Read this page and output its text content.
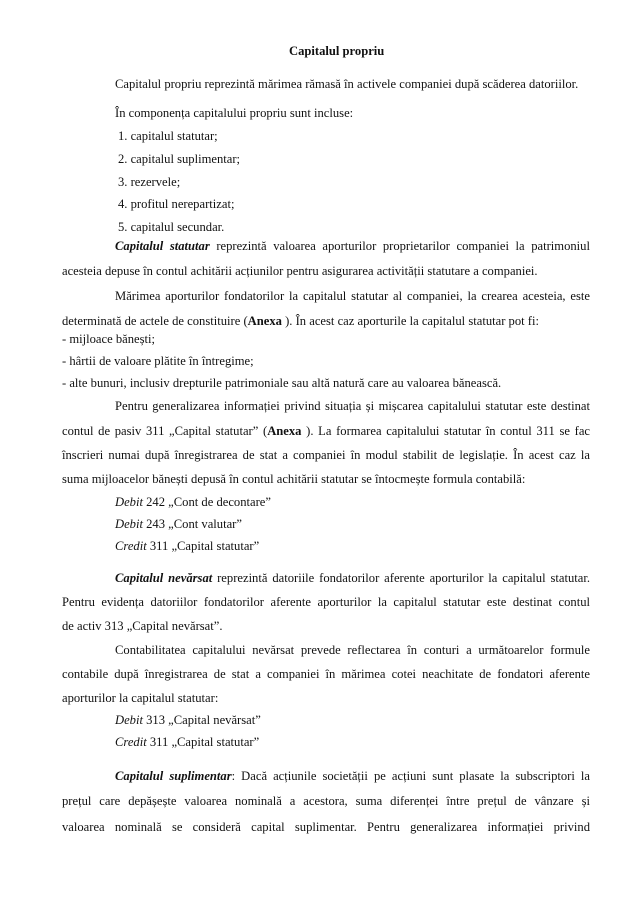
Capitalul propriu
Capitalul propriu reprezintă mărimea rămasă în activele companiei după scăderea datoriilor.
În componența capitalului propriu sunt incluse:
1. capitalul statutar;
2. capitalul suplimentar;
3. rezervele;
4. profitul nerepartizat;
5. capitalul secundar.
Capitalul statutar reprezintă valoarea aporturilor proprietarilor companiei la patrimoniul
acesteia depuse în contul achitării acțiunilor pentru asigurarea activității statutare a companiei.
Mărimea aporturilor fondatorilor la capitalul statutar al companiei, la crearea acesteia, este
determinată de actele de constituire (Anexa ). În acest caz aporturile la capitalul statutar pot fi:
- mijloace bănești;
- hârtii de valoare plătite în întregime;
- alte bunuri, inclusiv drepturile patrimoniale sau altă natură care au valoarea bănească.
Pentru generalizarea informației privind situația și mișcarea capitalului statutar este destinat
contul de pasiv 311 „Capital statutar” (Anexa ). La formarea capitalului statutar în contul 311 se fac
înscrieri numai după înregistrarea de stat a companiei în modul stabilit de legislație. În acest caz la
suma mijloacelor bănești depusă în contul achitării statutar se întocmește formula contabilă:
Debit 242 „Cont de decontare”
Debit 243 „Cont valutar”
Credit 311 „Capital statutar”
Capitalul nevărsat reprezintă datoriile fondatorilor aferente aporturilor la capitalul statutar.
Pentru evidența datoriilor fondatorilor aferente aporturilor la capitalul statutar este destinat contul
de activ 313 „Capital nevărsat”.
Contabilitatea capitalului nevărsat prevede reflectarea în conturi a următoarelor formule
contabile după înregistrarea de stat a companiei în mărimea cotei neachitate de fondatori aferente
aporturilor la capitalul statutar:
Debit 313 „Capital nevărsat”
Credit 311 „Capital statutar”
Capitalul suplimentar: Dacă acțiunile societății pe acțiuni sunt plasate la subscriptori la
prețul care depășește valoarea nominală a acestora, suma diferenței între prețul de vânzare și
valoarea nominală se consideră capital suplimentar. Pentru generalizarea informației privind
